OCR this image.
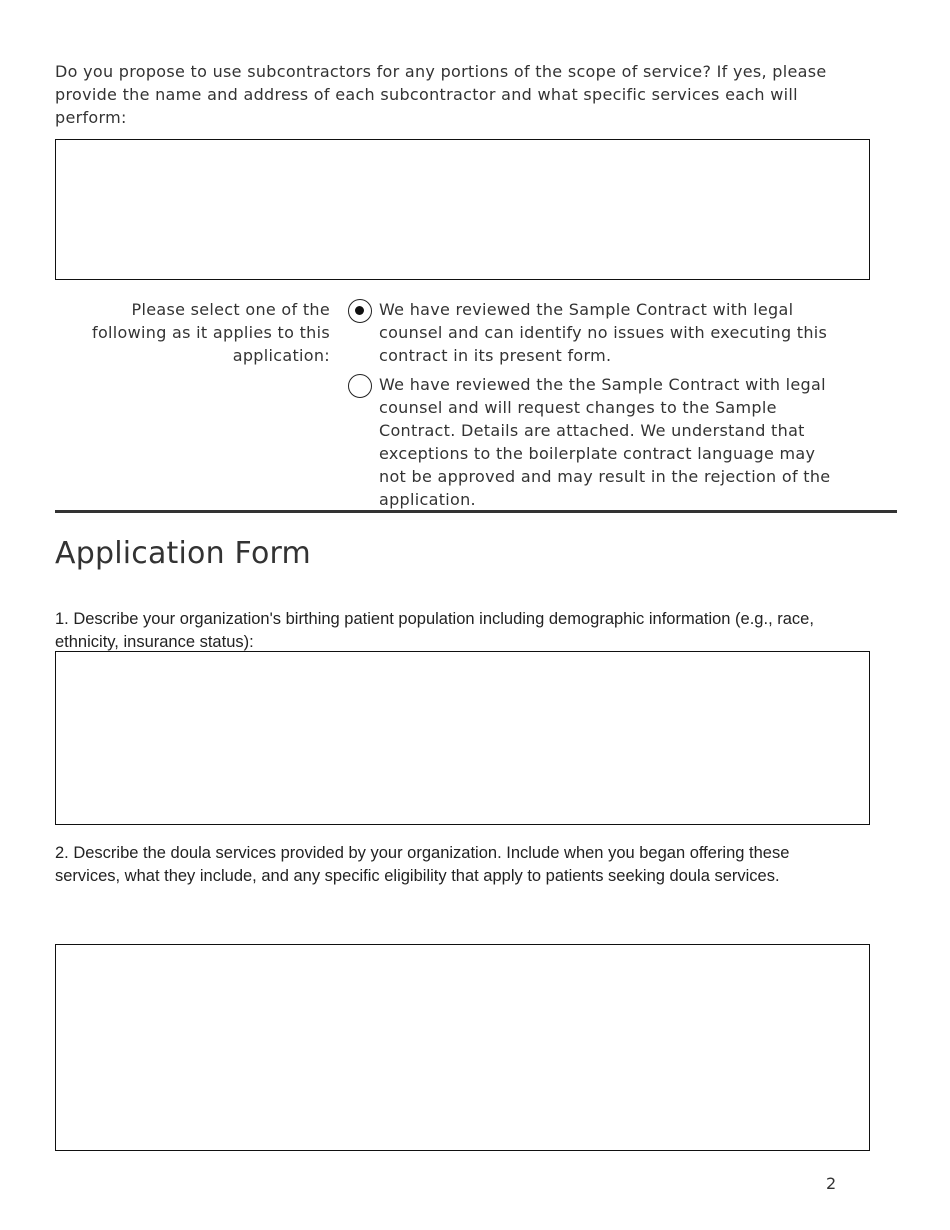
Do you propose to use subcontractors for any portions of the scope of service? If yes, please provide the name and address of each subcontractor and what specific services each will perform:
Please select one of the following as it applies to this application:
We have reviewed the Sample Contract with legal counsel and can identify no issues with executing this contract in its present form.
We have reviewed the the Sample Contract with legal counsel and will request changes to the Sample Contract. Details are attached. We understand that exceptions to the boilerplate contract language may not be approved and may result in the rejection of the application.
Application Form
1. Describe your organization's birthing patient population including demographic information (e.g., race, ethnicity, insurance status):
2. Describe the doula services provided by your organization. Include when you began offering these services, what they include, and any specific eligibility that apply to patients seeking doula services.
2
